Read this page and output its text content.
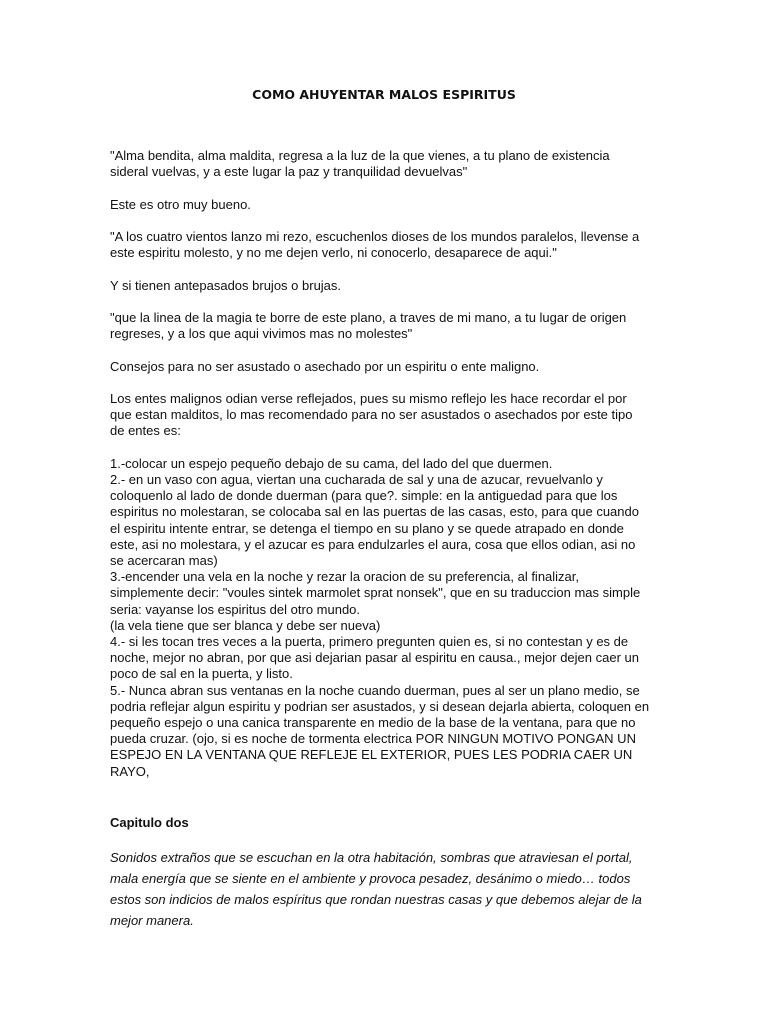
COMO AHUYENTAR MALOS ESPIRITUS

"Alma bendita, alma maldita, regresa a la luz de la que vienes, a tu plano de existencia sideral vuelvas, y a este lugar la paz y tranquilidad devuelvas"

Este es otro muy bueno.

"A los cuatro vientos lanzo mi rezo, escuchenlos dioses de los mundos paralelos, llevense a este espiritu molesto, y no me dejen verlo, ni conocerlo, desaparece de aqui."

Y si tienen antepasados brujos o brujas.

"que la linea de la magia te borre de este plano, a traves de mi mano, a tu lugar de origen regreses, y a los que aqui vivimos mas no molestes"

Consejos para no ser asustado o asechado por un espiritu o ente maligno.

Los entes malignos odian verse reflejados, pues su mismo reflejo les hace recordar el por que estan malditos, lo mas recomendado para no ser asustados o asechados por este tipo de entes es:

1.-colocar un espejo pequeño debajo de su cama, del lado del que duermen.

2.- en un vaso con agua, viertan una cucharada de sal y una de azucar, revuelvanlo y coloquenlo al lado de donde duerman (para que?. simple: en la antiguedad para que los espiritus no molestaran, se colocaba sal en las puertas de las casas, esto, para que cuando el espiritu intente entrar, se detenga el tiempo en su plano y se quede atrapado en donde este, asi no molestara, y el azucar es para endulzarles el aura, cosa que ellos odian, asi no se acercaran mas)

3.-encender una vela en la noche y rezar la oracion de su preferencia, al finalizar, simplemente decir: "voules sintek marmolet sprat nonsek", que en su traduccion mas simple seria: vayanse los espiritus del otro mundo.

(la vela tiene que ser blanca y debe ser nueva)

4.- si les tocan tres veces a la puerta, primero pregunten quien es, si no contestan y es de noche, mejor no abran, por que asi dejarian pasar al espiritu en causa., mejor dejen caer un poco de sal en la puerta, y listo.

5.- Nunca abran sus ventanas en la noche cuando duerman, pues al ser un plano medio, se podria reflejar algun espiritu y podrian ser asustados, y si desean dejarla abierta, coloquen en pequeño espejo o una canica transparente en medio de la base de la ventana, para que no pueda cruzar. (ojo, si es noche de tormenta electrica POR NINGUN MOTIVO PONGAN UN ESPEJO EN LA VENTANA QUE REFLEJE EL EXTERIOR, PUES LES PODRIA CAER UN RAYO,

Capitulo dos
Sonidos extraños que se escuchan en la otra habitación, sombras que atraviesan el portal,
mala energía que se siente en el ambiente y provoca pesadez, desánimo o miedo… todos
estos son indicios de malos espíritus que rondan nuestras casas y que debemos alejar de la
mejor manera.
